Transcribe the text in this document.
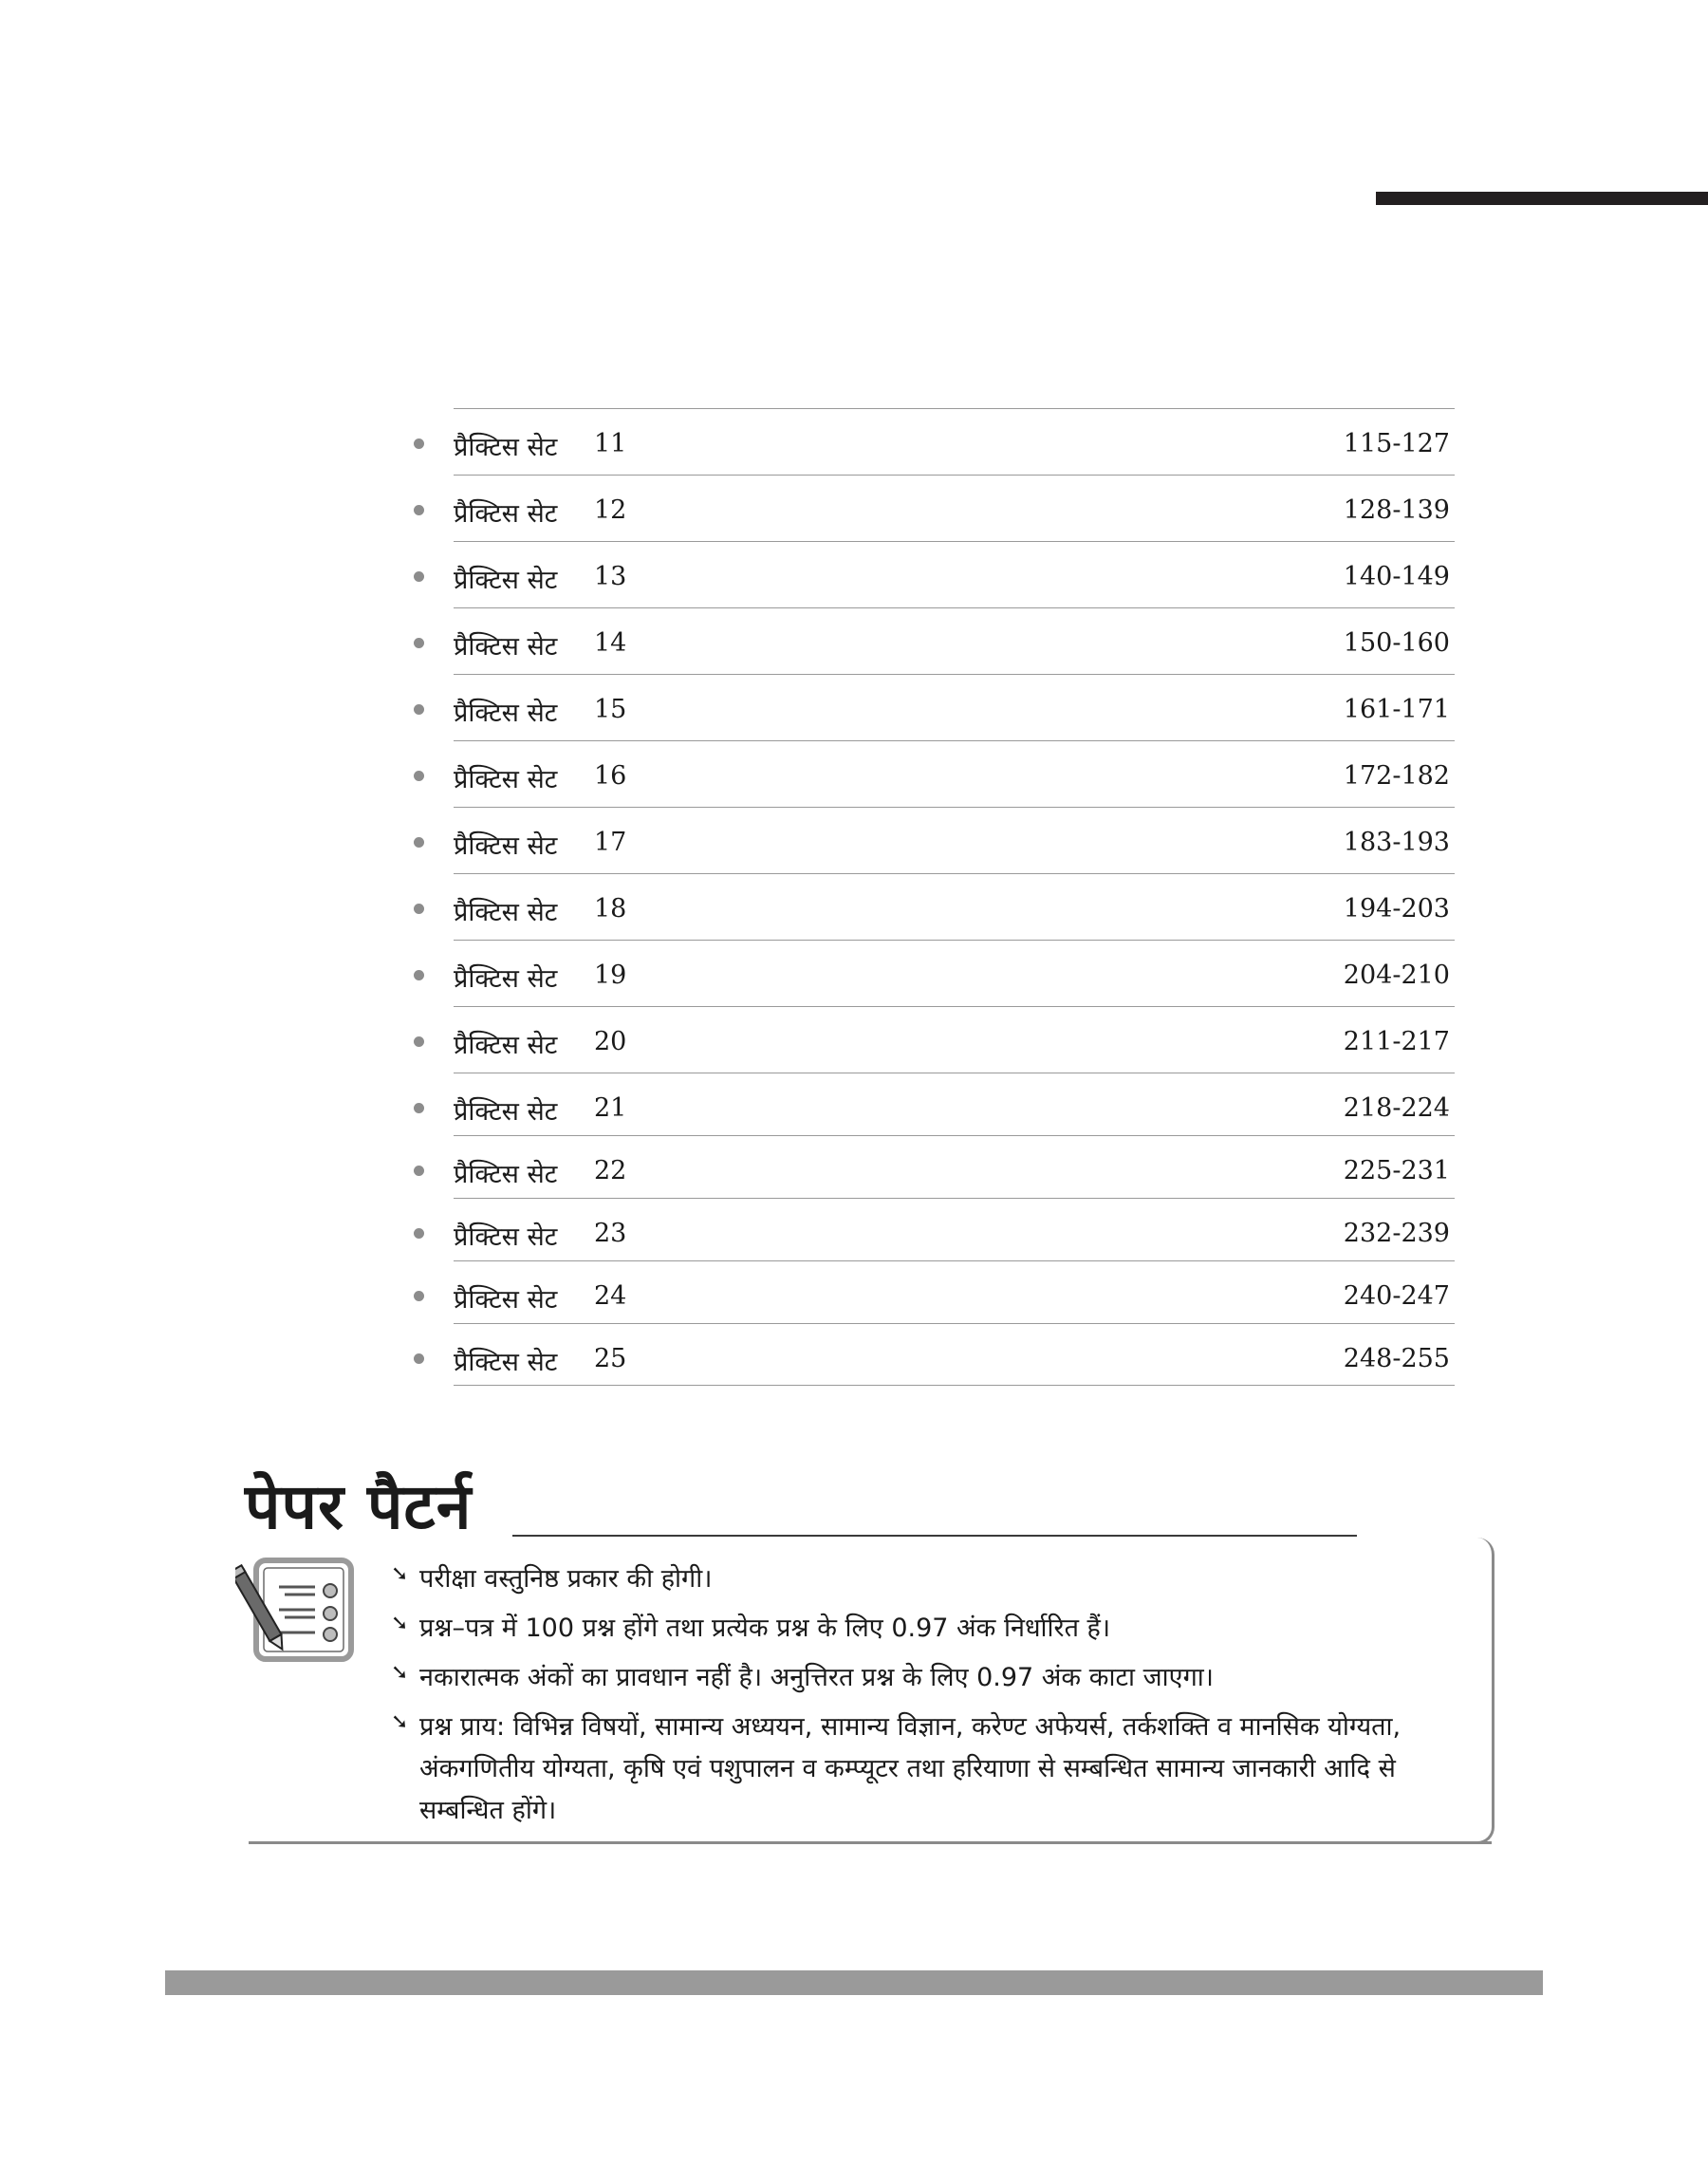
प्रैक्टिस सेट 11	115-127
प्रैक्टिस सेट 12	128-139
प्रैक्टिस सेट 13	140-149
प्रैक्टिस सेट 14	150-160
प्रैक्टिस सेट 15	161-171
प्रैक्टिस सेट 16	172-182
प्रैक्टिस सेट 17	183-193
प्रैक्टिस सेट 18	194-203
प्रैक्टिस सेट 19	204-210
प्रैक्टिस सेट 20	211-217
प्रैक्टिस सेट 21	218-224
प्रैक्टिस सेट 22	225-231
प्रैक्टिस सेट 23	232-239
प्रैक्टिस सेट 24	240-247
प्रैक्टिस सेट 25	248-255
पेपर पैटर्न
➘ परीक्षा वस्तुनिष्ठ प्रकार की होगी।
➘ प्रश्न–पत्र में 100 प्रश्न होंगे तथा प्रत्येक प्रश्न के लिए 0.97 अंक निर्धारित हैं।
➘ नकारात्मक अंकों का प्रावधान नहीं है। अनुत्तिरत प्रश्न के लिए 0.97 अंक काटा जाएगा।
➘ प्रश्न प्राय: विभिन्न विषयों, सामान्य अध्ययन, सामान्य विज्ञान, करेण्ट अफेयर्स, तर्कशक्ति व मानसिक योग्यता, अंकगणितीय योग्यता, कृषि एवं पशुपालन व कम्प्यूटर तथा हरियाणा से सम्बन्धित सामान्य जानकारी आदि से सम्बन्धित होंगे।
